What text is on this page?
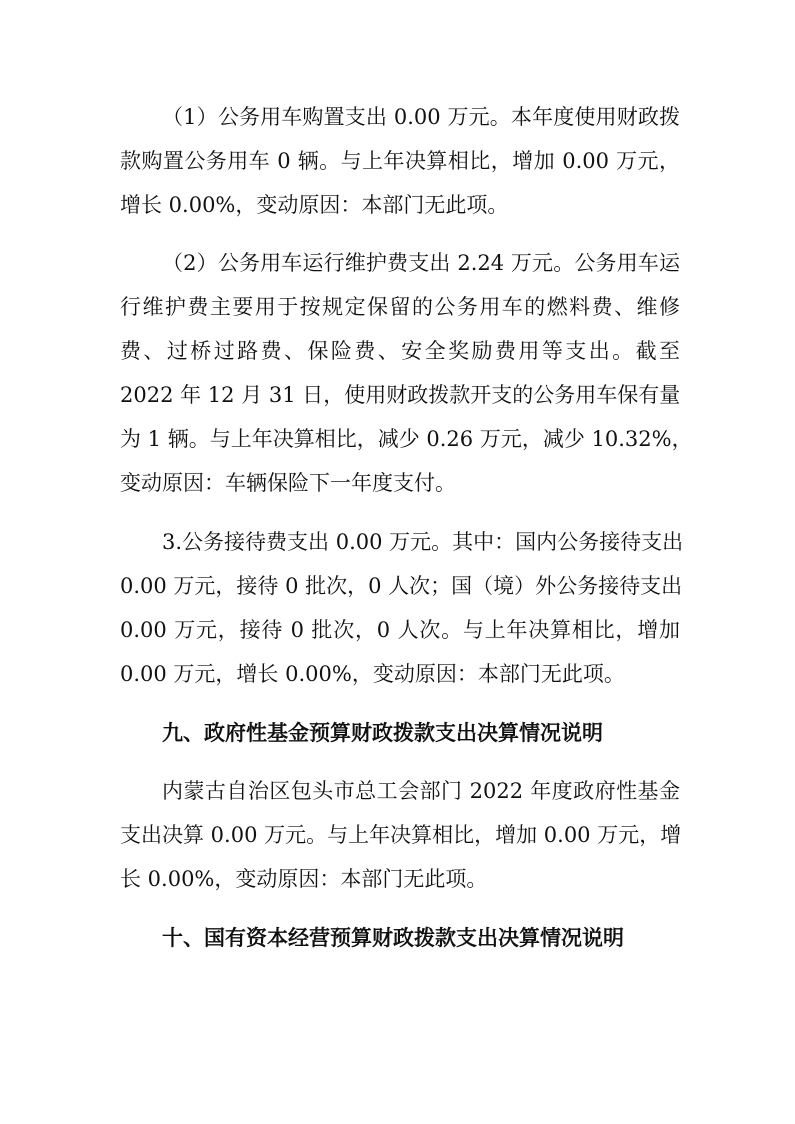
（1）公务用车购置支出 0.00 万元。本年度使用财政拨
款购置公务用车 0 辆。与上年决算相比，增加 0.00 万元，
增长 0.00%，变动原因：本部门无此项。
（2）公务用车运行维护费支出 2.24 万元。公务用车运
行维护费主要用于按规定保留的公务用车的燃料费、维修
费、过桥过路费、保险费、安全奖励费用等支出。截至
2022 年 12 月 31 日，使用财政拨款开支的公务用车保有量
为 1 辆。与上年决算相比，减少 0.26 万元，减少 10.32%，
变动原因：车辆保险下一年度支付。
3.公务接待费支出 0.00 万元。其中：国内公务接待支出
0.00 万元，接待 0 批次，0 人次；国（境）外公务接待支出
0.00 万元，接待 0 批次，0 人次。与上年决算相比，增加
0.00 万元，增长 0.00%，变动原因：本部门无此项。
九、政府性基金预算财政拨款支出决算情况说明
内蒙古自治区包头市总工会部门 2022 年度政府性基金
支出决算 0.00 万元。与上年决算相比，增加 0.00 万元，增
长 0.00%，变动原因：本部门无此项。
十、国有资本经营预算财政拨款支出决算情况说明
